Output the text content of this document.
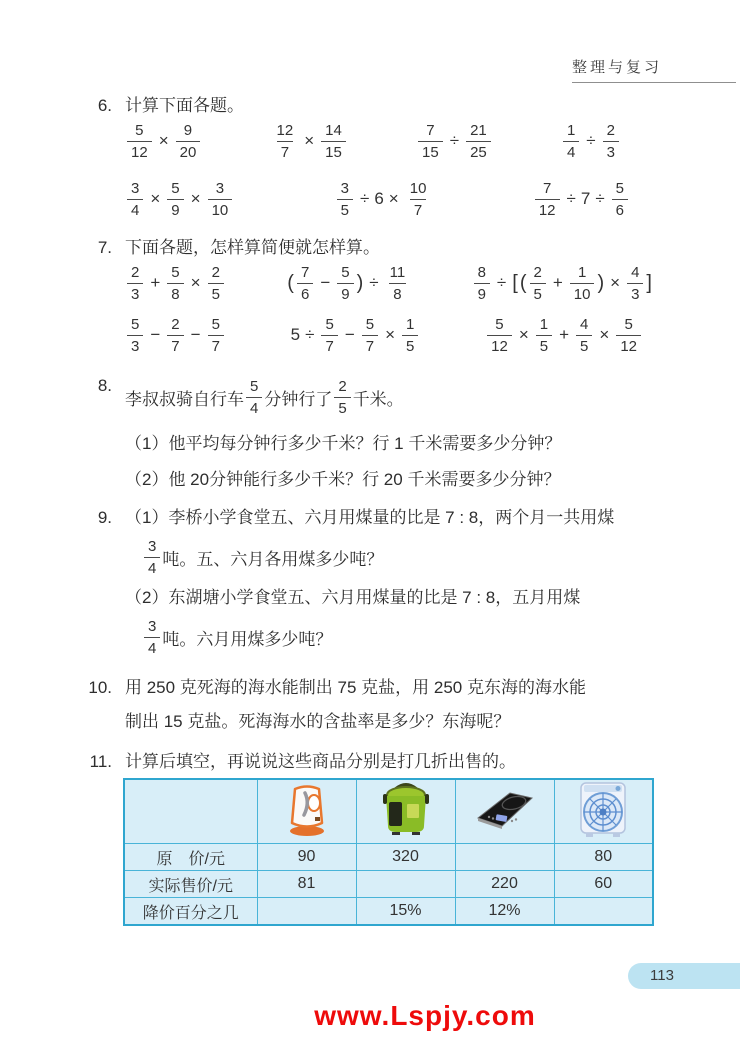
整理与复习
6. 计算下面各题。
$\frac{5}{12} \times \frac{9}{20}$	$\frac{12}{7} \times \frac{14}{15}$	$\frac{7}{15} \div \frac{21}{25}$	$\frac{1}{4} \div \frac{2}{3}$
$\frac{3}{4} \times \frac{5}{9} \times \frac{3}{10}$	$\frac{3}{5} \div 6 \times \frac{10}{7}$	$\frac{7}{12} \div 7 \div \frac{5}{6}$
7. 下面各题，怎样算简便就怎样算。
$\frac{2}{3} + \frac{5}{8} \times \frac{2}{5}$	( $\frac{7}{6} - \frac{5}{9}$ ) ÷ $\frac{11}{8}$	$\frac{8}{9}$ ÷ [ ( $\frac{2}{5} + \frac{1}{10}$ ) × $\frac{4}{3}$ ]
$\frac{5}{3} - \frac{2}{7} - \frac{5}{7}$	$5 \div \frac{5}{7} - \frac{5}{7} \times \frac{1}{5}$	$\frac{5}{12} \times \frac{1}{5} + \frac{4}{5} \times \frac{5}{12}$
8.
李叔叔骑自行车 $\frac{5}{4}$ 分钟行了 $\frac{2}{5}$ 千米。
（1）他平均每分钟行多少千米？行 1 千米需要多少分钟？
（2）他 20分钟能行多少千米？行 20 千米需要多少分钟？
9. （1）李桥小学食堂五、六月用煤量的比是 7 : 8，两个月一共用煤
$\frac{3}{4}$ 吨。五、六月各用煤多少吨？
（2）东湖塘小学食堂五、六月用煤量的比是 7 : 8，五月用煤
$\frac{3}{4}$ 吨。六月用煤多少吨？
10. 用 250 克死海的海水能制出 75 克盐，用 250 克东海的海水能
制出 15 克盐。死海海水的含盐率是多少？东海呢？
11. 计算后填空，再说说这些商品分别是打几折出售的。

原　价/元	90	320		80
实际售价/元	81		220	60
降价百分之几		15%	12%	
113
www.Lspjy.com
